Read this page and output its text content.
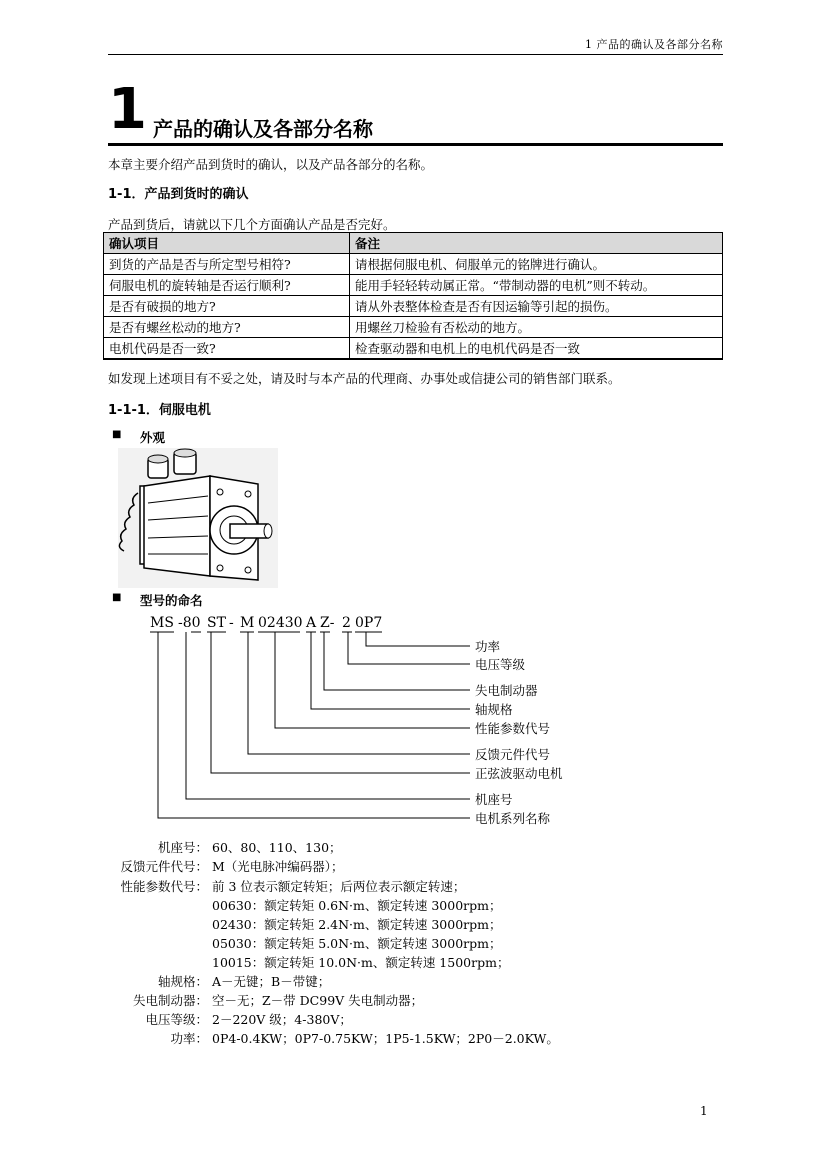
1 产品的确认及各部分名称
1 产品的确认及各部分名称
本章主要介绍产品到货时的确认，以及产品各部分的名称。
1-1．产品到货时的确认
产品到货后，请就以下几个方面确认产品是否完好。
确认项目	备注
到货的产品是否与所定型号相符?	请根据伺服电机、伺服单元的铭牌进行确认。
伺服电机的旋转轴是否运行顺利?	能用手轻轻转动属正常。“带制动器的电机”则不转动。
是否有破损的地方?	请从外表整体检查是否有因运输等引起的损伤。
是否有螺丝松动的地方?	用螺丝刀检验有否松动的地方。
电机代码是否一致?	检查驱动器和电机上的电机代码是否一致
如发现上述项目有不妥之处，请及时与本产品的代理商、办事处或信捷公司的销售部门联系。
1-1-1．伺服电机
■ 外观
■ 型号的命名
MS -80 ST - M 02430 A Z- 2 0P7
功率
电压等级
失电制动器
轴规格
性能参数代号
反馈元件代号
正弦波驱动电机
机座号
电机系列名称
机座号： 60、80、110、130；
反馈元件代号： M（光电脉冲编码器）；
性能参数代号： 前 3 位表示额定转矩；后两位表示额定转速；
00630：额定转矩 0.6N·m、额定转速 3000rpm；
02430：额定转矩 2.4N·m、额定转速 3000rpm；
05030：额定转矩 5.0N·m、额定转速 3000rpm；
10015：额定转矩 10.0N·m、额定转速 1500rpm；
轴规格： A－无键；B－带键；
失电制动器： 空－无；Z－带 DC99V 失电制动器；
电压等级： 2－220V 级；4-380V；
功率： 0P4-0.4KW；0P7-0.75KW；1P5-1.5KW；2P0－2.0KW。
1
